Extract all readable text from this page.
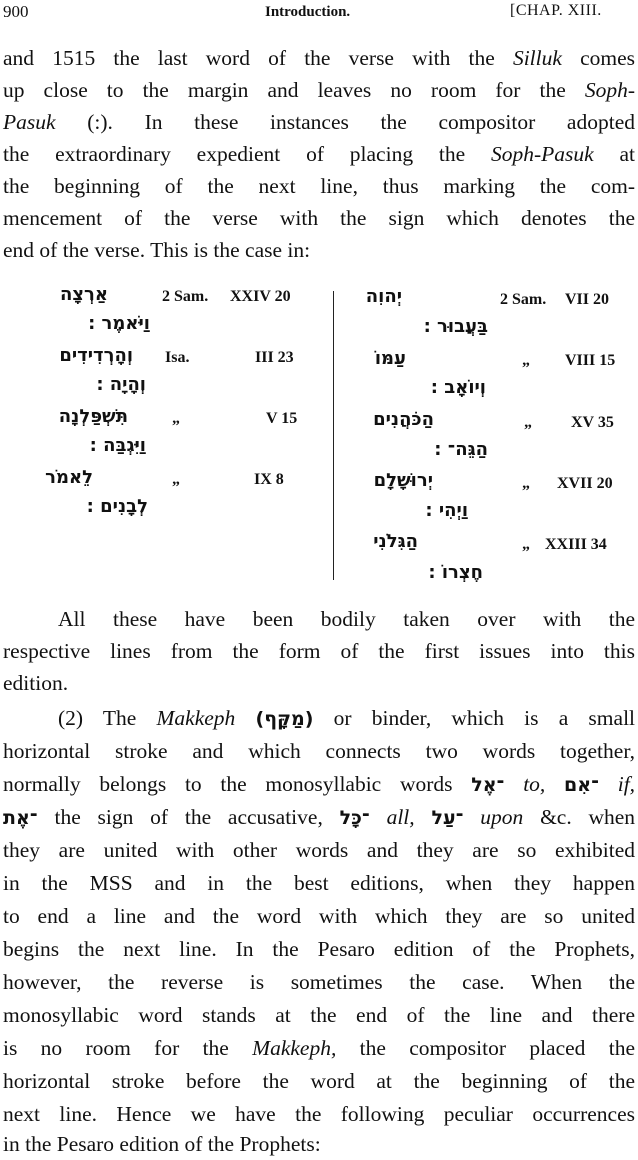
900	Introduction.	[CHAP. XIII.
and 1515 the last word of the verse with the Silluk comes
up close to the margin and leaves no room for the Soph-
Pasuk (:). In these instances the compositor adopted
the extraordinary expedient of placing the Soph-Pasuk at
the beginning of the next line, thus marking the com-
mencement of the verse with the sign which denotes the
end of the verse. This is the case in:
אַרְצָה	2 Sam. XXIV 20
וַיֹּאמֶר :
וְהָרְדִידִים Isa.	III 23
וְהָיָה :
תִּשְׁפַּלְנָה	„	V 15
וַיִּגְבַּה :
לֵאמֹר	„	IX 8
לְבָנִים :
יְהוִה	2 Sam. VII 20
בַּעֲבוּר :
עַמּוֹ	„ VIII 15
וְיוֹאָב :
הַכֹּהֲנִים	„ XV 35
הַגֵּה־ :
יְרוּשָׁלָם	„ XVII 20
וַיְהִי :
הַגִּלֹנִי	„ XXIII 34
חֶצְרוֹ :
All these have been bodily taken over with the
respective lines from the form of the first issues into this
edition.
(2) The Makkeph (מַקָּף) or binder, which is a small
horizontal stroke and which connects two words together,
normally belongs to the monosyllabic words ־אֶל to, ־אִם if,
־אֶת the sign of the accusative, ־כָּל all, ־עַל upon &c. when
they are united with other words and they are so exhibited
in the MSS and in the best editions, when they happen
to end a line and the word with which they are so united
begins the next line. In the Pesaro edition of the Prophets,
however, the reverse is sometimes the case. When the
monosyllabic word stands at the end of the line and there
is no room for the Makkeph, the compositor placed the
horizontal stroke before the word at the beginning of the
next line. Hence we have the following peculiar occurrences
in the Pesaro edition of the Prophets:
